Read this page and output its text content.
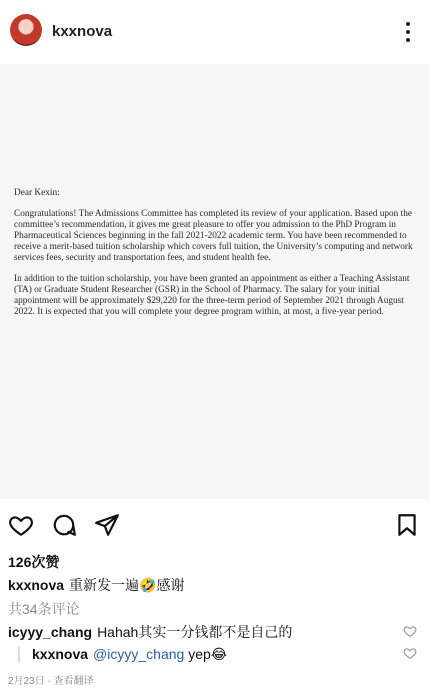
kxxnova

Dear Kexin:

Congratulations! The Admissions Committee has completed its review of your application. Based upon the committee’s recommendation, it gives me great pleasure to offer you admission to the PhD Program in Pharmaceutical Sciences beginning in the fall 2021-2022 academic term. You have been recommended to receive a merit-based tuition scholarship which covers full tuition, the University’s computing and network services fees, security and transportation fees, and student health fee.

In addition to the tuition scholarship, you have been granted an appointment as either a Teaching Assistant (TA) or Graduate Student Researcher (GSR) in the School of Pharmacy. The salary for your initial appointment will be approximately $29,220 for the three-term period of September 2021 through August 2022. It is expected that you will complete your degree program within, at most, a five-year period.

126次赞
kxxnova 重新发一遍🤣感谢
共34条评论
icyyy_chang Hahah其实一分钱都不是自己的
kxxnova @icyyy_chang yep😂
2月23日 · 查看翻译
